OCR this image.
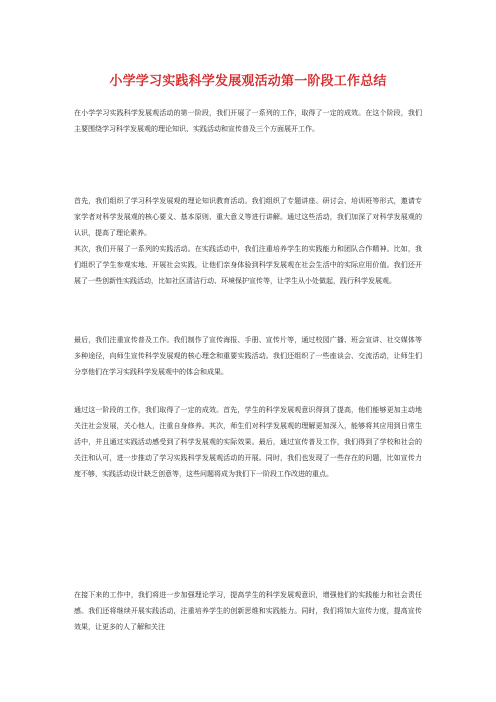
小学学习实践科学发展观活动第一阶段工作总结

在小学学习实践科学发展观活动的第一阶段，我们开展了一系列的工作，取得了一定的成效。在这个阶段，我们主要围绕学习科学发展观的理论知识、实践活动和宣传普及三个方面展开工作。

首先，我们组织了学习科学发展观的理论知识教育活动。我们组织了专题讲座、研讨会、培训班等形式，邀请专家学者对科学发展观的核心要义、基本原则、重大意义等进行讲解。通过这些活动，我们加深了对科学发展观的认识，提高了理论素养。

其次，我们开展了一系列的实践活动。在实践活动中，我们注重培养学生的实践能力和团队合作精神。比如，我们组织了学生参观实地、开展社会实践，让他们亲身体验到科学发展观在社会生活中的实际应用价值。我们还开展了一些创新性实践活动，比如社区清洁行动、环境保护宣传等，让学生从小处做起，践行科学发展观。

最后，我们注重宣传普及工作。我们制作了宣传海报、手册、宣传片等，通过校园广播、班会宣讲、社交媒体等多种途径，向师生宣传科学发展观的核心理念和重要实践活动。我们还组织了一些座谈会、交流活动，让师生们分享他们在学习实践科学发展观中的体会和成果。

通过这一阶段的工作，我们取得了一定的成效。首先，学生的科学发展观意识得到了提高，他们能够更加主动地关注社会发展，关心他人，注重自身修养。其次，师生们对科学发展观的理解更加深入，能够将其应用到日常生活中，并且通过实践活动感受到了科学发展观的实际效果。最后，通过宣传普及工作，我们得到了学校和社会的关注和认可，进一步推动了学习实践科学发展观活动的开展。同时，我们也发现了一些存在的问题，比如宣传力度不够，实践活动设计缺乏创意等，这些问题将成为我们下一阶段工作改进的重点。

在接下来的工作中，我们将进一步加强理论学习，提高学生的科学发展观意识，增强他们的实践能力和社会责任感。我们还将继续开展实践活动，注重培养学生的创新思维和实践能力。同时，我们将加大宣传力度，提高宣传效果，让更多的人了解和关注
